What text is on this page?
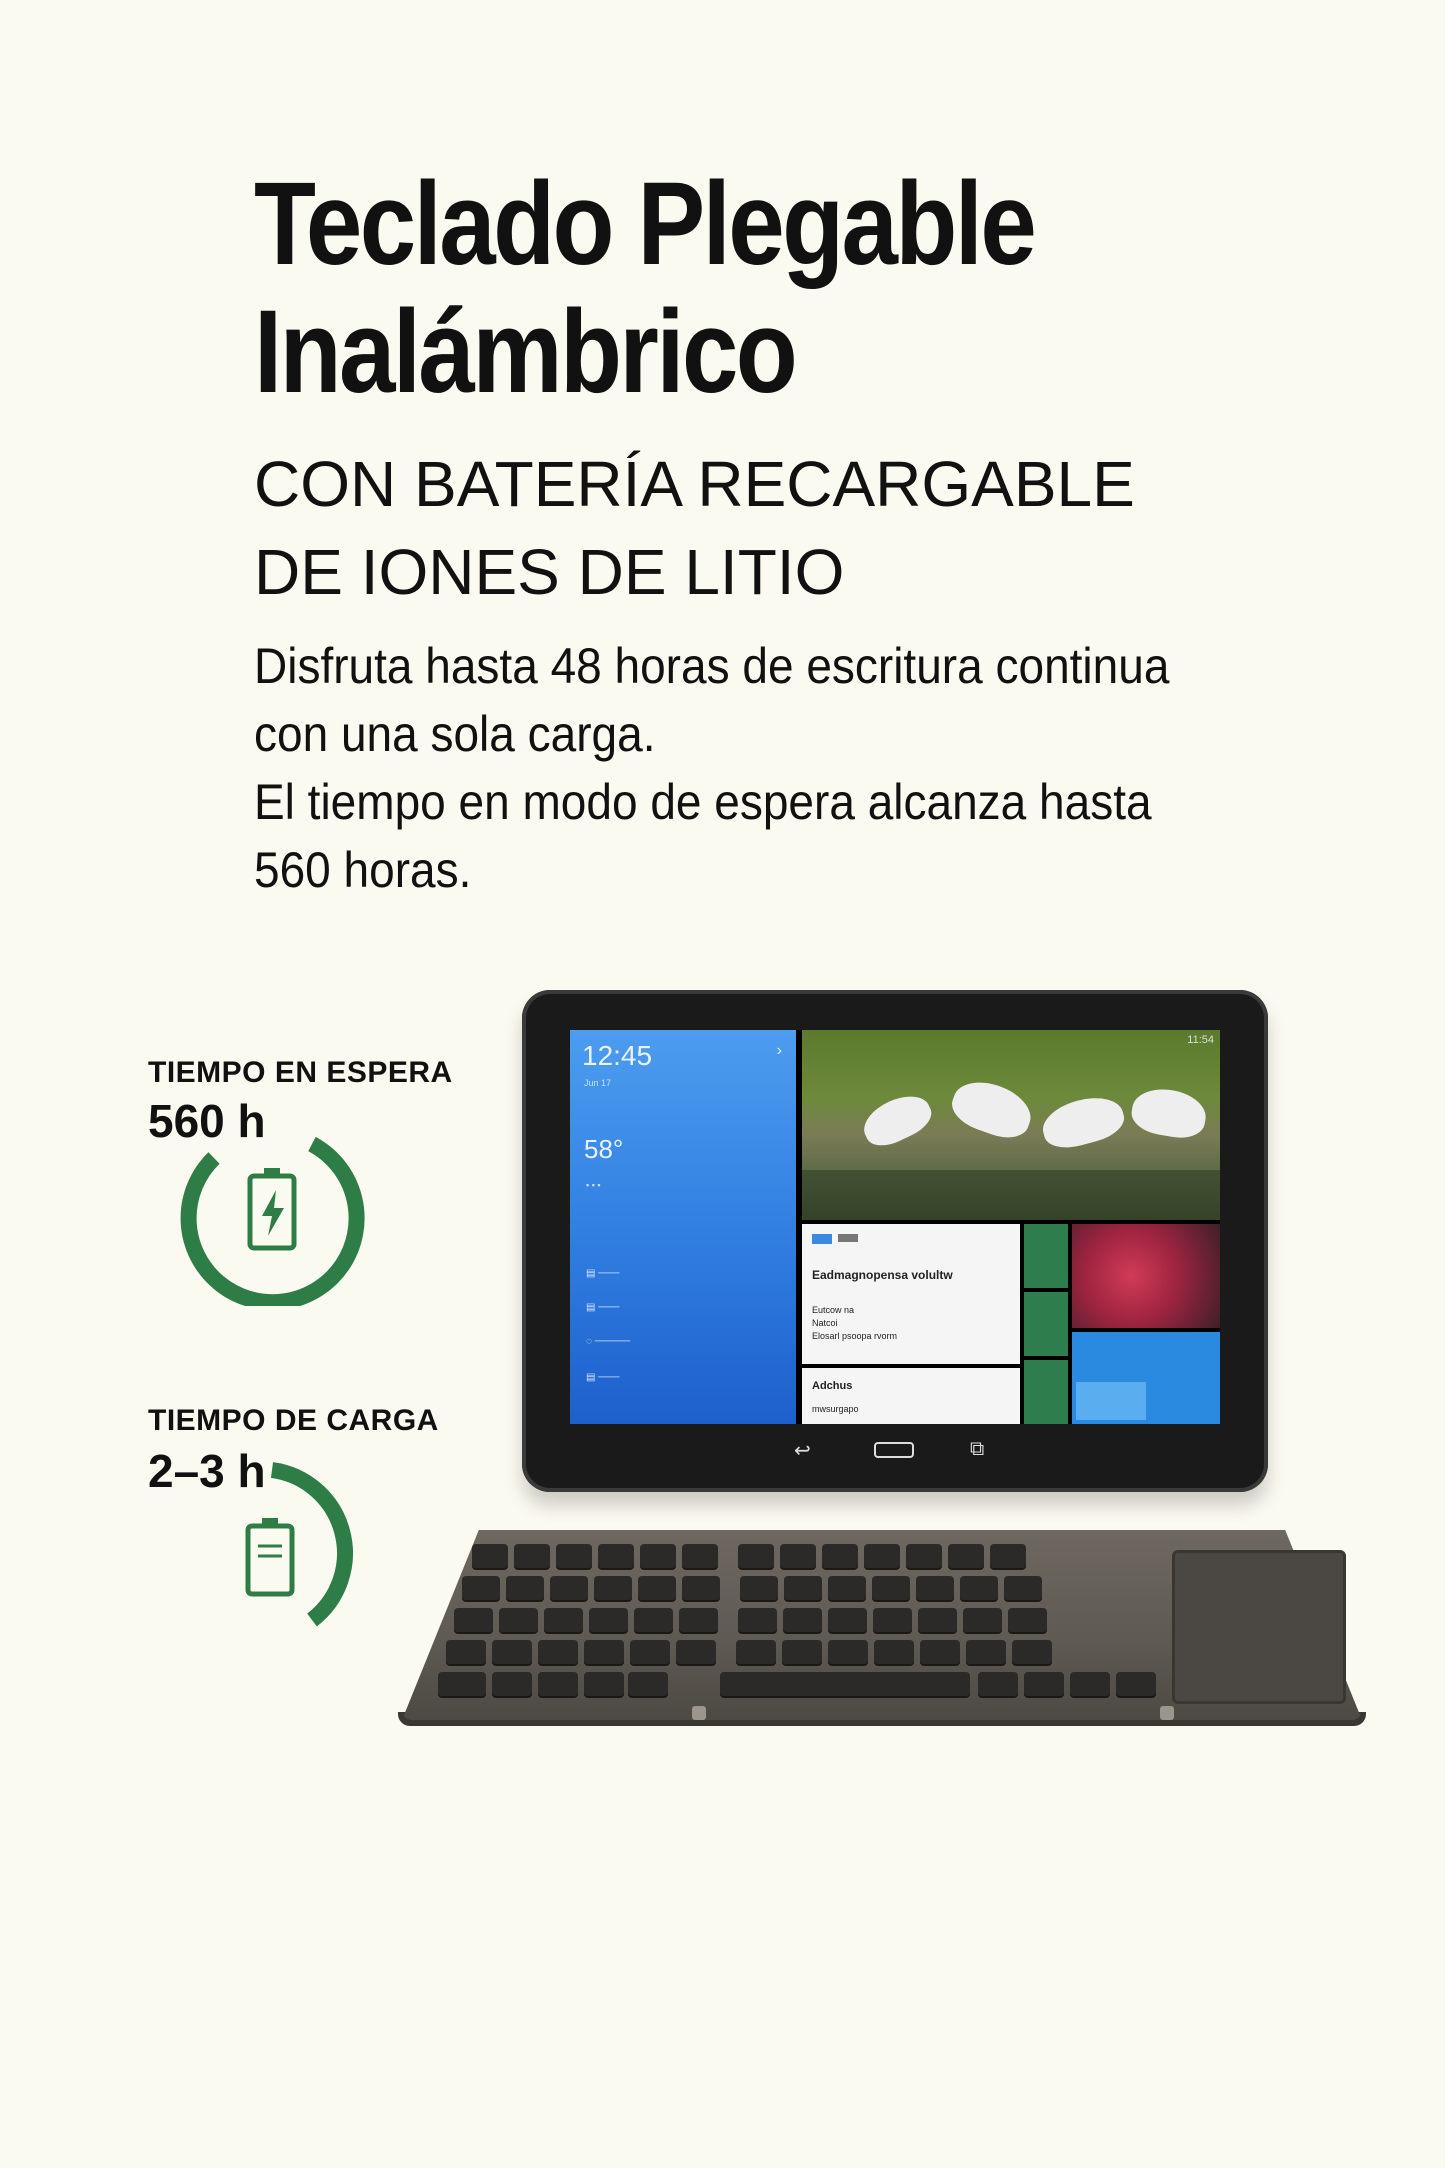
Teclado Plegable
Inalámbrico
CON BATERÍA RECARGABLE
DE IONES DE LITIO
Disfruta hasta 48 horas de escritura continua
con una sola carga.
El tiempo en modo de espera alcanza hasta
560 horas.
TIEMPO EN ESPERA
560 h
TIEMPO DE CARGA
2–3 h
12:45
Jun 17
›
58°
▪ ▪ ▪
▤ ───
▤ ───
◌ ─────
▤ ───
11:54
Eadmagnopensa volultw
Eutcow na
Natcoi
Elosarl psoopa rvorm
Adchus
mwsurgapo
↩	⧉
